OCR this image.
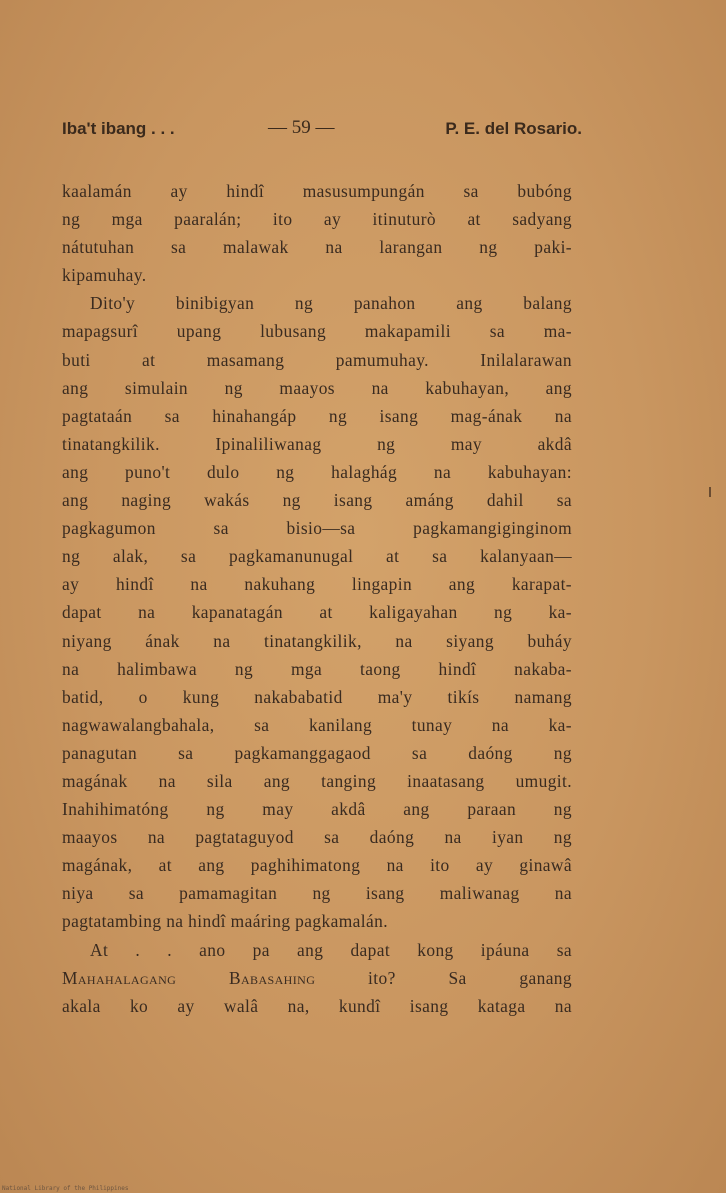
Iba't ibang . . .	— 59 —	P. E. del Rosario.
kaalamán ay hindî masusumpungán sa bubóng
ng mga paaralán; ito ay itinuturò at sadyang
nátutuhan sa malawak na larangan ng paki-
kipamuhay.
Dito'y binibigyan ng panahon ang balang
mapagsurî upang lubusang makapamili sa ma-
buti at masamang pamumuhay. Inilalarawan
ang simulain ng maayos na kabuhayan, ang
pagtataán sa hinahangáp ng isang mag-ának na
tinatangkilik. Ipinaliliwanag ng may akdâ
ang puno't dulo ng halaghág na kabuhayan:
ang naging wakás ng isang amáng dahil sa
pagkagumon sa bisio—sa pagkamangiginginom
ng alak, sa pagkamanunugal at sa kalanyaan—
ay hindî na nakuhang lingapin ang karapat-
dapat na kapanatagán at kaligayahan ng ka-
niyang ának na tinatangkilik, na siyang buháy
na halimbawa ng mga taong hindî nakaba-
batid, o kung nakababatid ma'y tikís namang
nagwawalangbahala, sa kanilang tunay na ka-
panagutan sa pagkamanggagaod sa daóng ng
magának na sila ang tanging inaatasang umugit.
Inahihimatóng ng may akdâ ang paraan ng
maayos na pagtataguyod sa daóng na iyan ng
magának, at ang paghihimatong na ito ay ginawâ
niya sa pamamagitan ng isang maliwanag na
pagtatambing na hindî maáring pagkamalán.
At . . ano pa ang dapat kong ipáuna sa
Mahahalagang Babasahing ito? Sa ganang
akala ko ay walâ na, kundî isang kataga na
National Library of the Philippines
